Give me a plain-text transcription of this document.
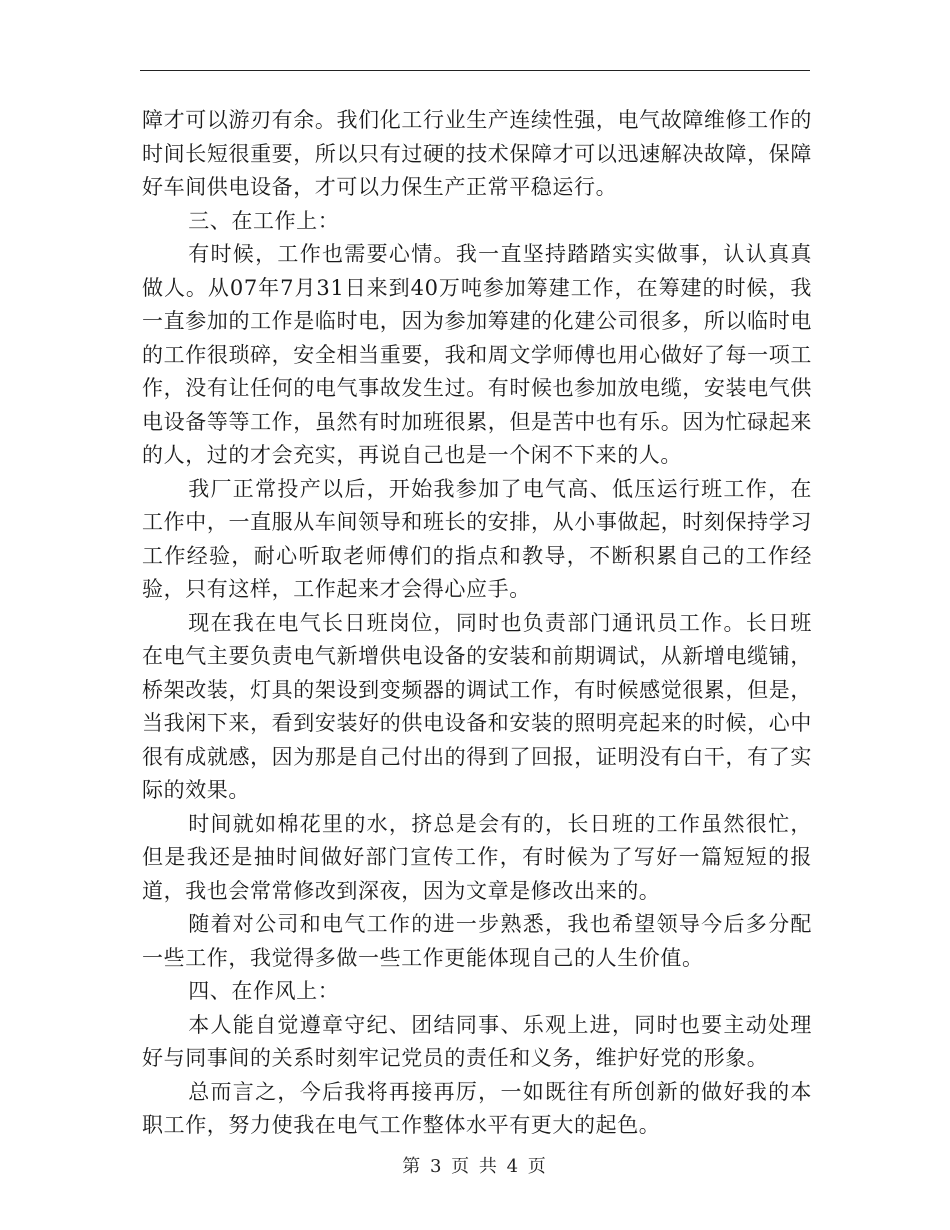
障才可以游刃有余。我们化工行业生产连续性强，电气故障维修工作的时间长短很重要，所以只有过硬的技术保障才可以迅速解决故障，保障好车间供电设备，才可以力保生产正常平稳运行。

三、在工作上：

有时候，工作也需要心情。我一直坚持踏踏实实做事，认认真真做人。从07年7月31日来到40万吨参加筹建工作，在筹建的时候，我一直参加的工作是临时电，因为参加筹建的化建公司很多，所以临时电的工作很琐碎，安全相当重要，我和周文学师傅也用心做好了每一项工作，没有让任何的电气事故发生过。有时候也参加放电缆，安装电气供电设备等等工作，虽然有时加班很累，但是苦中也有乐。因为忙碌起来的人，过的才会充实，再说自己也是一个闲不下来的人。

我厂正常投产以后，开始我参加了电气高、低压运行班工作，在工作中，一直服从车间领导和班长的安排，从小事做起，时刻保持学习工作经验，耐心听取老师傅们的指点和教导，不断积累自己的工作经验，只有这样，工作起来才会得心应手。

现在我在电气长日班岗位，同时也负责部门通讯员工作。长日班在电气主要负责电气新增供电设备的安装和前期调试，从新增电缆铺，桥架改装，灯具的架设到变频器的调试工作，有时候感觉很累，但是，当我闲下来，看到安装好的供电设备和安装的照明亮起来的时候，心中很有成就感，因为那是自己付出的得到了回报，证明没有白干，有了实际的效果。

时间就如棉花里的水，挤总是会有的，长日班的工作虽然很忙，但是我还是抽时间做好部门宣传工作，有时候为了写好一篇短短的报道，我也会常常修改到深夜，因为文章是修改出来的。

随着对公司和电气工作的进一步熟悉，我也希望领导今后多分配一些工作，我觉得多做一些工作更能体现自己的人生价值。

四、在作风上：

本人能自觉遵章守纪、团结同事、乐观上进，同时也要主动处理好与同事间的关系时刻牢记党员的责任和义务，维护好党的形象。

总而言之，今后我将再接再厉，一如既往有所创新的做好我的本职工作，努力使我在电气工作整体水平有更大的起色。

第 3 页 共 4 页
